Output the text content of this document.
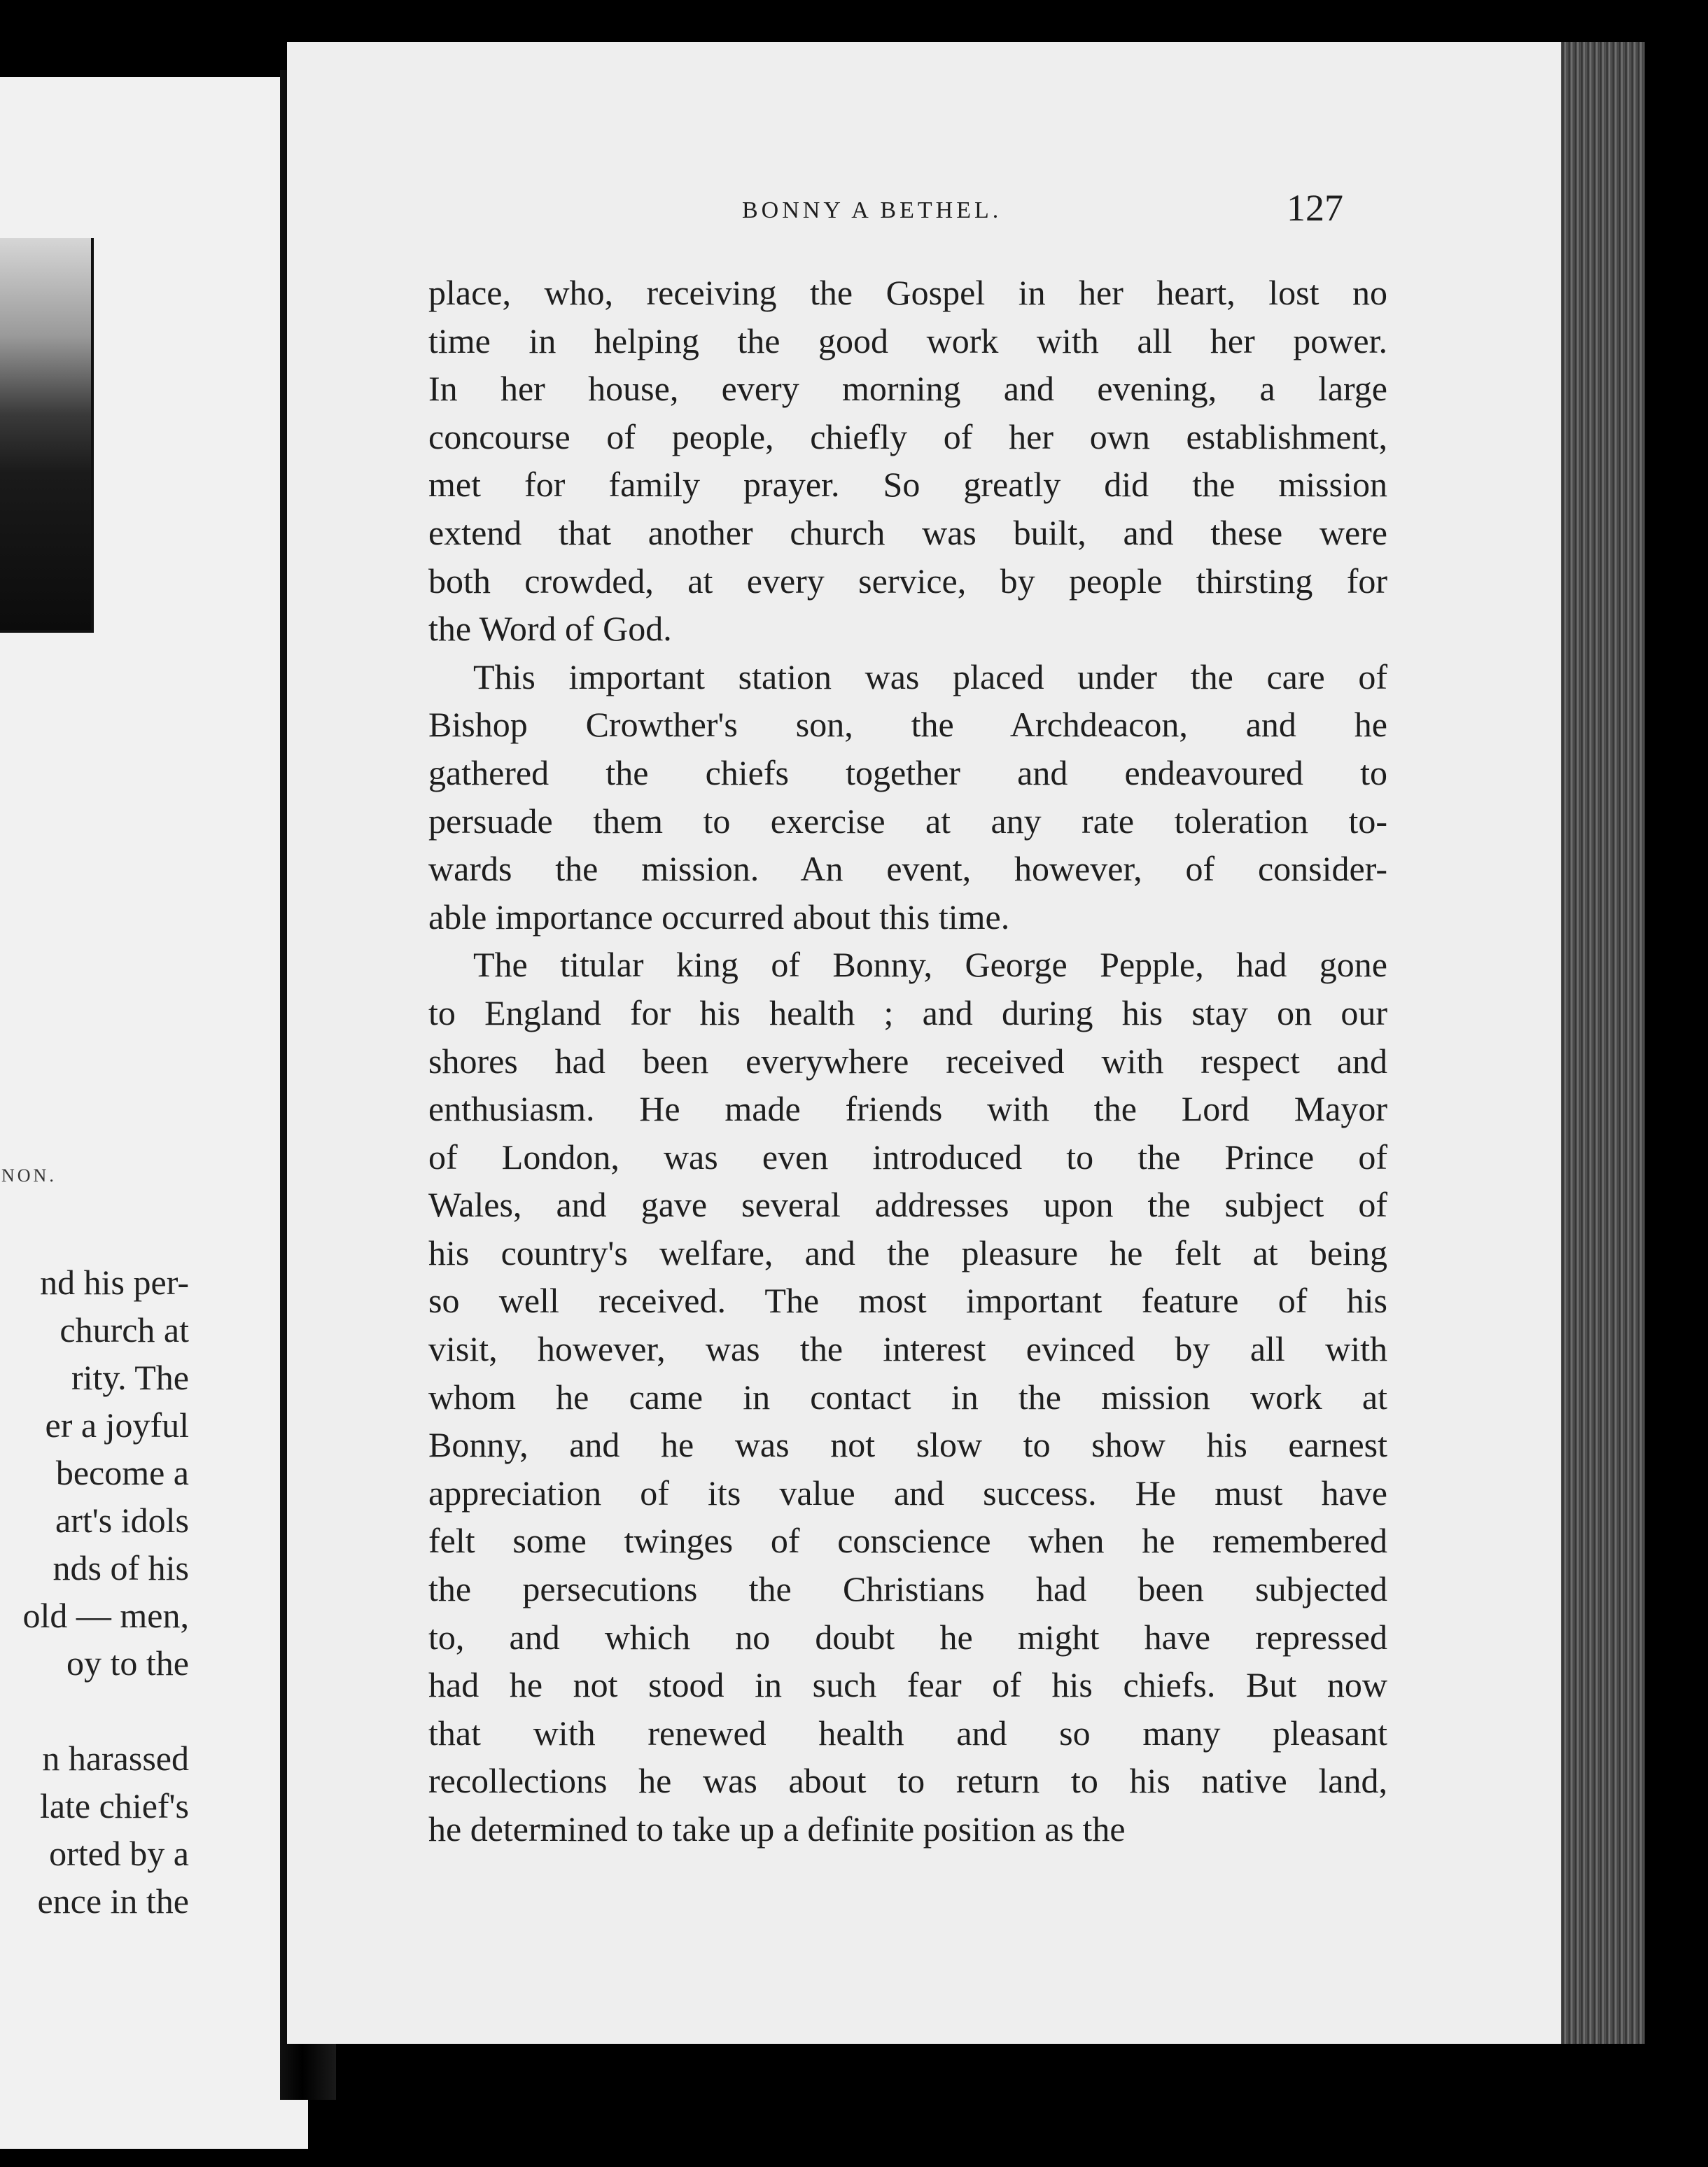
NON.
nd his per-
church at
rity. The
er a joyful
become a
art's idols
nds of his
old — men,
oy to the

n harassed
late chief's
orted by a
ence in the
BONNY A BETHEL.	127
place, who, receiving the Gospel in her heart, lost no
time in helping the good work with all her power.
In her house, every morning and evening, a large
concourse of people, chiefly of her own establishment,
met for family prayer. So greatly did the mission
extend that another church was built, and these were
both crowded, at every service, by people thirsting for
the Word of God.
This important station was placed under the care of
Bishop Crowther's son, the Archdeacon, and he
gathered the chiefs together and endeavoured to
persuade them to exercise at any rate toleration to-
wards the mission. An event, however, of consider-
able importance occurred about this time.
The titular king of Bonny, George Pepple, had gone
to England for his health ; and during his stay on our
shores had been everywhere received with respect and
enthusiasm. He made friends with the Lord Mayor
of London, was even introduced to the Prince of
Wales, and gave several addresses upon the subject of
his country's welfare, and the pleasure he felt at being
so well received. The most important feature of his
visit, however, was the interest evinced by all with
whom he came in contact in the mission work at
Bonny, and he was not slow to show his earnest
appreciation of its value and success. He must have
felt some twinges of conscience when he remembered
the persecutions the Christians had been subjected
to, and which no doubt he might have repressed
had he not stood in such fear of his chiefs. But now
that with renewed health and so many pleasant
recollections he was about to return to his native land,
he determined to take up a definite position as the
